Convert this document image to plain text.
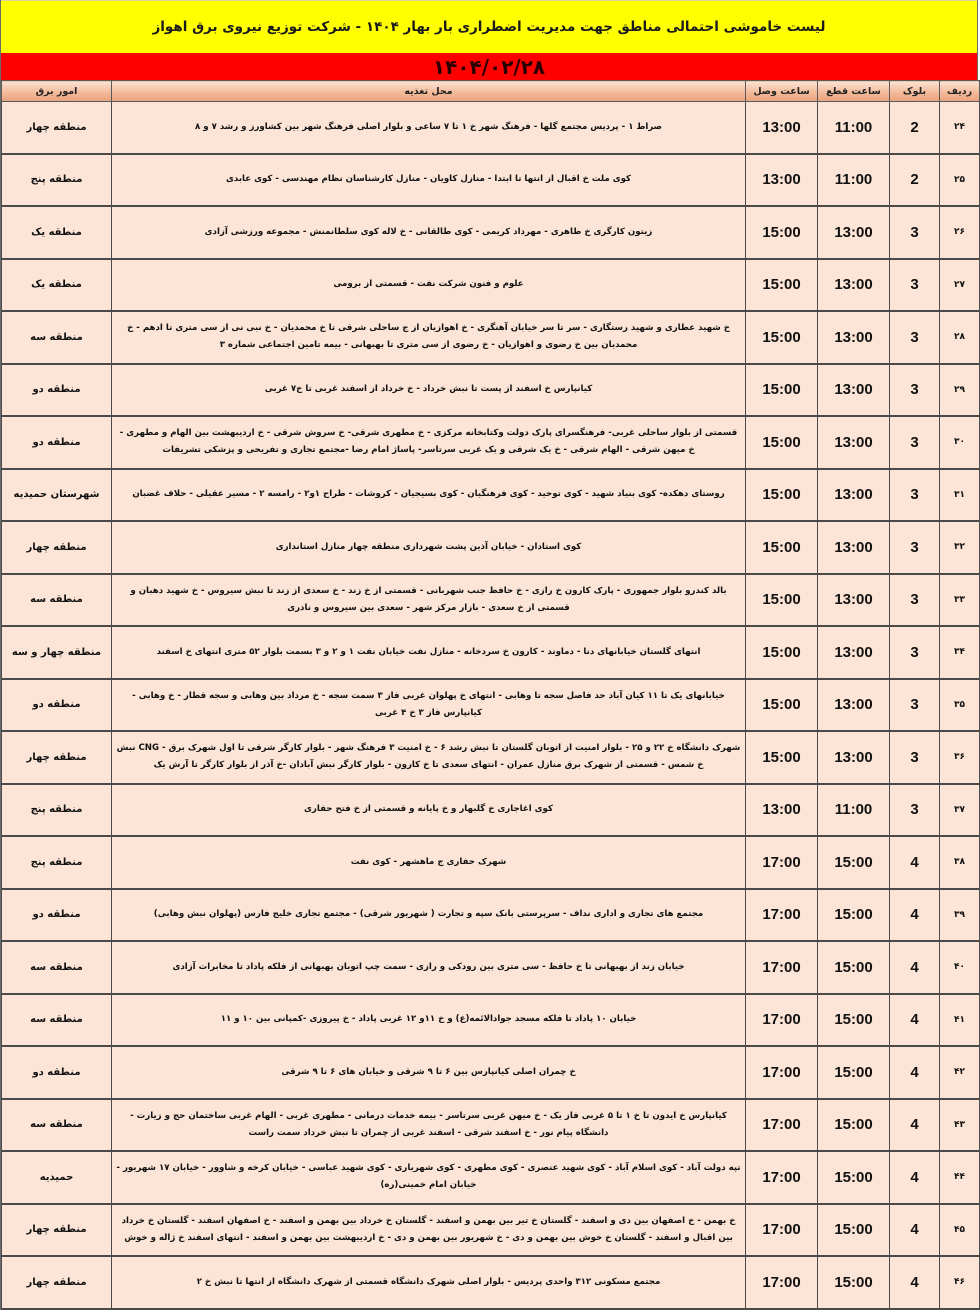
لیست خاموشی احتمالی مناطق جهت مدیریت اضطراری بار بهار ۱۴۰۴ - شرکت توزیع نیروی برق اهواز
۱۴۰۴/۰۲/۲۸
ردیف	بلوک	ساعت قطع	ساعت وصل	محل تغذیه	امور برق
۲۴	2	11:00	13:00	صراط ۱ - پردیس مجتمع گلها - فرهنگ شهر خ ۱ تا ۷ ساعی و بلوار اصلی فرهنگ شهر بین کشاورز و رشد ۷ و ۸	منطقه چهار
۲۵	2	11:00	13:00	کوی ملت خ اقبال از انتها تا ابتدا - منازل کاویان - منازل کارشناسان نظام مهندسی - کوی عابدی	منطقه پنج
۲۶	3	13:00	15:00	زیتون کارگری خ طاهری - مهرداد کریمی - کوی طالقانی - خ لاله کوی سلطانمنش - مجموعه ورزشی آزادی	منطقه یک
۲۷	3	13:00	15:00	علوم و فنون شرکت نفت - قسمتی از برومی	منطقه یک
۲۸	3	13:00	15:00	خ شهید عطاری و شهید رستگاری - سر تا سر خیابان آهنگری - خ اهوازیان از ج ساحلی شرقی تا خ محمدیان - خ نبی نی از سی متری تا ادهم - خ محمدیان بین خ رضوی و اهوازیان - خ رضوی از سی متری تا بهبهانی - بیمه تامین اجتماعی شماره ۳	منطقه سه
۲۹	3	13:00	15:00	کیانپارس خ اسفند از پست تا نبش خرداد - خ خرداد از اسفند غربی تا خ۷ غربی	منطقه دو
۳۰	3	13:00	15:00	قسمتی از بلوار ساحلی غربی- فرهنگسرای پارک دولت وکتابخانه مرکزی - خ مطهری شرقی- خ سروش شرقی - خ اردیبهشت بین الهام و مطهری - خ میهن شرقی - الهام شرقی - خ یک شرقی و یک غربی سرتاسر- پاساژ امام رضا -مجتمع تجاری و تفریحی و پزشکی تشریفات	منطقه دو
۳۱	3	13:00	15:00	روستای دهکده- کوی بنیاد شهید - کوی توحید - کوی فرهنگیان - کوی بسیجیان - کروشات - طراح ۱و۲ - رامسه ۲ - مسیر عقیلی - حلاف غضبان	شهرستان حمیدیه
۳۲	3	13:00	15:00	کوی استادان - خیابان آذین پشت شهرداری منطقه چهار منازل استانداری	منطقه چهار
۳۳	3	13:00	15:00	بالد کندرو بلوار جمهوری - پارک کارون خ رازی - خ حافظ جنب شهربانی - قسمتی از خ زند - خ سعدی از زند تا نبش سیروس - خ شهید دهبان و قسمتی از خ سعدی - بازار مرکز شهر - سعدی بین سیروس و نادری	منطقه سه
۳۴	3	13:00	15:00	انتهای گلستان خیابانهای دنا - دماوند - کارون خ سردخانه - منازل نفت خیابان نفت ۱ و ۲ و ۳ بسمت بلوار ۵۲ متری انتهای خ اسفند	منطقه چهار و سه
۳۵	3	13:00	15:00	خیابانهای یک تا ۱۱ کیان آباد حد فاصل سجه تا وهابی - انتهای خ پهلوان غربی فاز ۳ سمت سجه - خ مرداد بین وهابی و سجه قطار - خ وهابی - کیانپارس فاز ۳ خ ۴ غربی	منطقه دو
۳۶	3	13:00	15:00	شهرک دانشگاه خ ۲۲ و ۲۵ - بلوار امنیت از اتوبان گلستان تا نبش رشد ۶ - خ امنیت ۳ فرهنگ شهر - بلوار کارگر شرقی تا اول شهرک برق - CNG نبش خ شمس - قسمتی از شهرک برق منازل عمران - انتهای سعدی تا خ کارون - بلوار کارگر نبش آبادان -خ آذر از بلوار کارگر تا آرش یک	منطقه چهار
۳۷	3	11:00	13:00	کوی اغاجاری خ گلبهار و خ پایانه و قسمتی از خ فتح حفاری	منطقه پنج
۳۸	4	15:00	17:00	شهرک حفاری ج ماهشهر - کوی نفت	منطقه پنج
۳۹	4	15:00	17:00	مجتمع های تجاری و اداری نداف - سرپرستی بانک سپه و تجارت ( شهریور شرقی) - مجتمع تجاری خلیج فارس (پهلوان نبش وهابی)	منطقه دو
۴۰	4	15:00	17:00	خیابان زند از بهبهانی تا خ حافظ - سی متری بین رودکی و رازی - سمت چپ اتوبان بهبهانی از فلکه پاداد تا مخابرات آزادی	منطقه سه
۴۱	4	15:00	17:00	خیابان ۱۰ پاداد تا فلکه مسجد جوادالائمه(ع) و خ ۱۱و ۱۲ غربی پاداد - خ پیروزی -کمپانی بین ۱۰ و ۱۱	منطقه سه
۴۲	4	15:00	17:00	خ چمران اصلی کیانپارس بین ۶ تا ۹ شرقی و خیابان های ۶ تا ۹ شرقی	منطقه دو
۴۳	4	15:00	17:00	کیانپارس خ ایدون تا خ ۱ تا ۵ غربی فاز یک - خ میهن غربی سرتاسر - بیمه خدمات درمانی - مطهری غربی - الهام غربی ساختمان حج و زیارت - دانشگاه پیام نور - خ اسفند شرقی - اسفند غربی از چمران تا نبش خرداد سمت راست	منطقه سه
۴۴	4	15:00	17:00	تپه دولت آباد - کوی اسلام آباد - کوی شهید عنصری - کوی مطهری - کوی شهریاری - کوی شهید عباسی - خیابان کرخه و شاوور - خیابان ۱۷ شهریور - خیابان امام خمینی(ره)	حمیدیه
۴۵	4	15:00	17:00	خ بهمن - خ اصفهان بین دی و اسفند - گلستان خ تیر بین بهمن و اسفند - گلستان خ خرداد بین بهمن و اسفند - خ اصفهان اسفند - گلستان خ خرداد بین اقبال و اسفند - گلستان خ خوش بین بهمن و دی - خ شهریور بین بهمن و دی - خ اردیبهشت بین بهمن و اسفند - انتهای اسفند خ ژاله و خوش	منطقه چهار
۴۶	4	15:00	17:00	مجتمع مسکونی ۳۱۲ واحدی پردیس - بلوار اصلی شهرک دانشگاه قسمتی از شهرک دانشگاه از انتها تا نبش خ ۲	منطقه چهار
